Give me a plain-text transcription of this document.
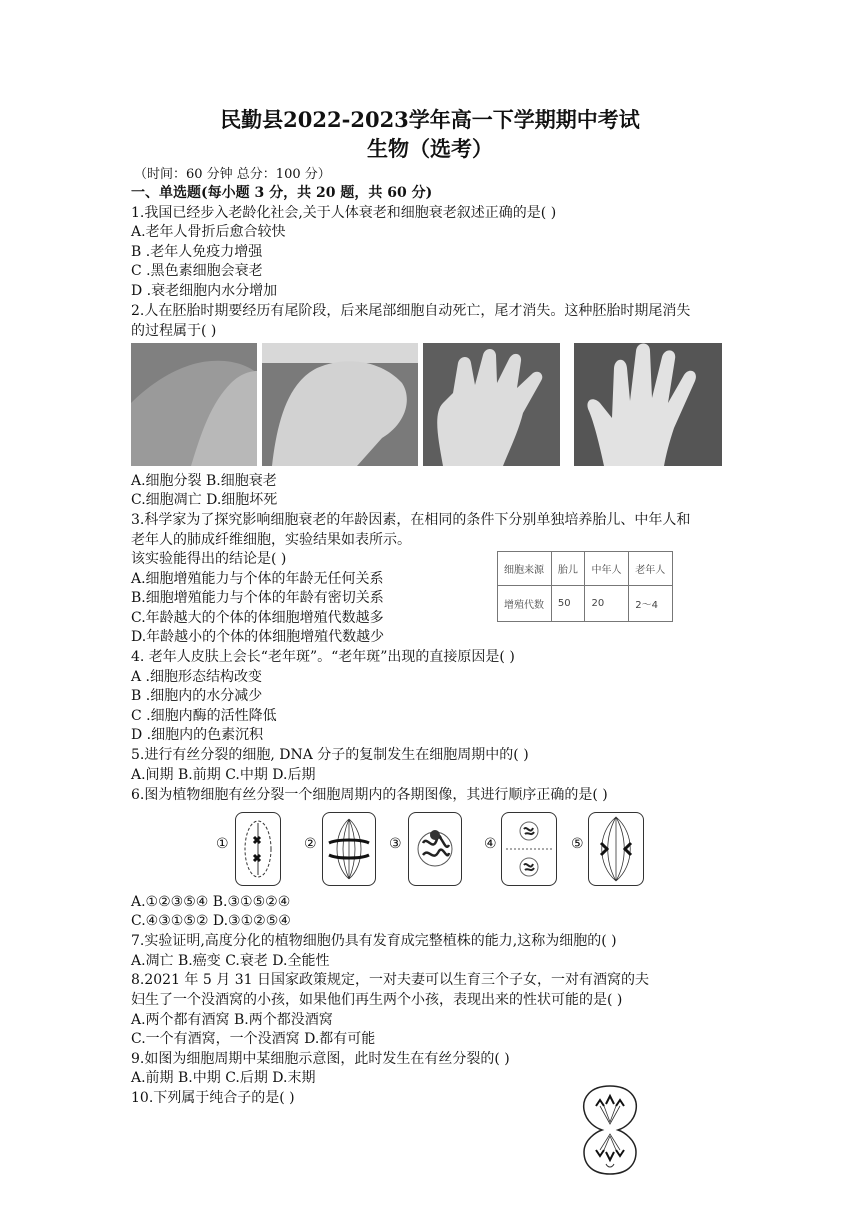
民勤县2022-2023学年高一下学期期中考试
生物（选考）
（时间：60 分钟 总分：100 分）
一、单选题(每小题 3 分，共 20 题，共 60 分)
1.我国已经步入老龄化社会,关于人体衰老和细胞衰老叙述正确的是( )
A.老年人骨折后愈合较快
B .老年人免疫力增强
C .黑色素细胞会衰老
D .衰老细胞内水分增加
2.人在胚胎时期要经历有尾阶段，后来尾部细胞自动死亡，尾才消失。这种胚胎时期尾消失
的过程属于( )
A.细胞分裂 B.细胞衰老
C.细胞凋亡 D.细胞坏死
3.科学家为了探究影响细胞衰老的年龄因素，在相同的条件下分别单独培养胎儿、中年人和
老年人的肺成纤维细胞，实验结果如表所示。
该实验能得出的结论是( )
A.细胞增殖能力与个体的年龄无任何关系
B.细胞增殖能力与个体的年龄有密切关系
C.年龄越大的个体的体细胞增殖代数越多
D.年龄越小的个体的体细胞增殖代数越少
细胞来源	胎儿	中年人	老年人
增殖代数	50	20	2～4
4. 老年人皮肤上会长“老年斑”。“老年斑”出现的直接原因是( )
A .细胞形态结构改变
B .细胞内的水分减少
C .细胞内酶的活性降低
D .细胞内的色素沉积
5.进行有丝分裂的细胞, DNA 分子的复制发生在细胞周期中的( )
A.间期 B.前期 C.中期 D.后期
6.图为植物细胞有丝分裂一个细胞周期内的各期图像，其进行顺序正确的是( )
①	②	③	④	⑤
A.①②③⑤④ B.③①⑤②④
C.④③①⑤② D.③①②⑤④
7.实验证明,高度分化的植物细胞仍具有发育成完整植株的能力,这称为细胞的( )
A.凋亡 B.癌变 C.衰老 D.全能性
8.2021 年 5 月 31 日国家政策规定，一对夫妻可以生育三个子女，一对有酒窝的夫
妇生了一个没酒窝的小孩，如果他们再生两个小孩，表现出来的性状可能的是( )
A.两个都有酒窝 B.两个都没酒窝
C.一个有酒窝，一个没酒窝 D.都有可能
9.如图为细胞周期中某细胞示意图，此时发生在有丝分裂的( )
A.前期 B.中期 C.后期 D.末期
10.下列属于纯合子的是( )
